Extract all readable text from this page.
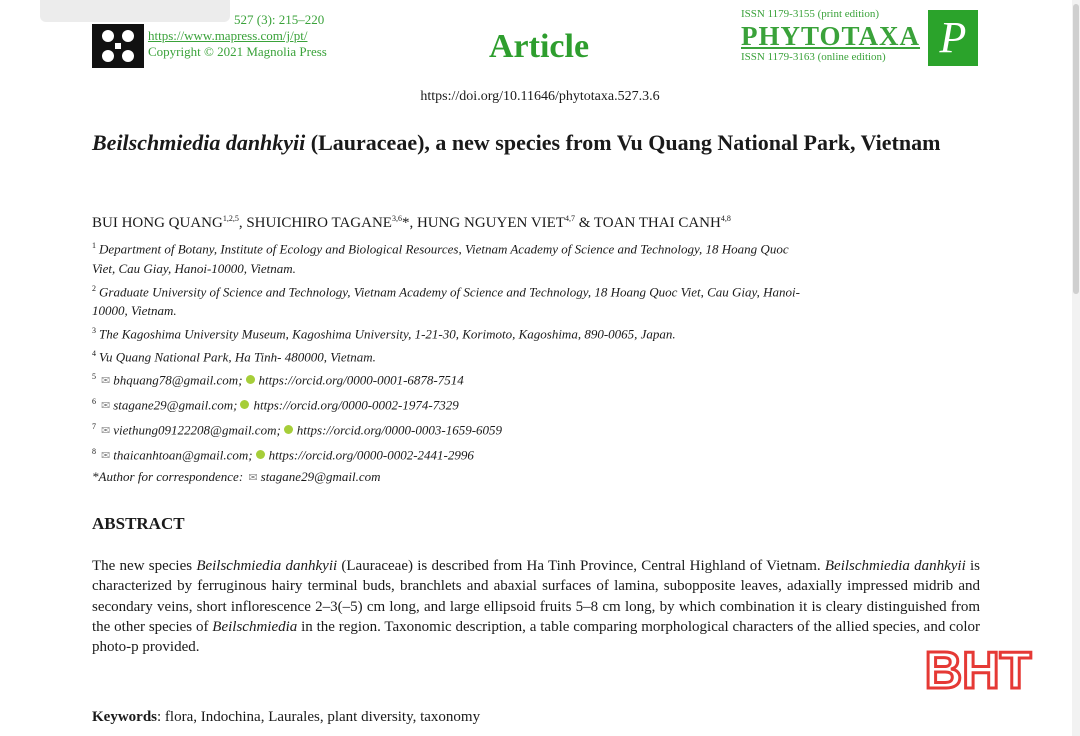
527 (3): 215–220
https://www.mapress.com/j/pt/
Copyright © 2021 Magnolia Press	Article
ISSN 1179-3155 (print edition)
PHYTOTAXA
ISSN 1179-3163 (online edition)	P
https://doi.org/10.11646/phytotaxa.527.3.6
Beilschmiedia danhkyii (Lauraceae), a new species from Vu Quang National Park, Vietnam
BUI HONG QUANG$^{1,2,5}$, SHUICHIRO TAGANE$^{3,6}$*, HUNG NGUYEN VIET$^{4,7}$ & TOAN THAI CANH$^{4,8}$
$^1$ Department of Botany, Institute of Ecology and Biological Resources, Vietnam Academy of Science and Technology, 18 Hoang Quoc
Viet, Cau Giay, Hanoi-10000, Vietnam.
$^2$ Graduate University of Science and Technology, Vietnam Academy of Science and Technology, 18 Hoang Quoc Viet, Cau Giay, Hanoi-
10000, Vietnam.
$^3$ The Kagoshima University Museum, Kagoshima University, 1-21-30, Korimoto, Kagoshima, 890-0065, Japan.
$^4$ Vu Quang National Park, Ha Tinh- 480000, Vietnam.
$^5$ ✉ bhquang78@gmail.com; https://orcid.org/0000-0001-6878-7514
$^6$ ✉ stagane29@gmail.com; https://orcid.org/0000-0002-1974-7329
$^7$ ✉ viethung09122208@gmail.com; https://orcid.org/0000-0003-1659-6059
$^8$ ✉ thaicanhtoan@gmail.com; https://orcid.org/0000-0002-2441-2996
*Author for correspondence: ✉ stagane29@gmail.com
ABSTRACT
The new species Beilschmiedia danhkyii (Lauraceae) is described from Ha Tinh Province, Central Highland of Vietnam. Beilschmiedia danhkyii is characterized by ferruginous hairy terminal buds, branchlets and abaxial surfaces of lamina, subopposite leaves, adaxially impressed midrib and secondary veins, short inflorescence 2–3(–5) cm long, and large ellipsoid fruits 5–8 cm long, by which combination it is cleary distinguished from the other species of Beilschmiedia in the region. Taxonomic description, a table comparing morphological characters of the allied species, and color photo-p provided.
Keywords: flora, Indochina, Laurales, plant diversity, taxonomy
BHT
